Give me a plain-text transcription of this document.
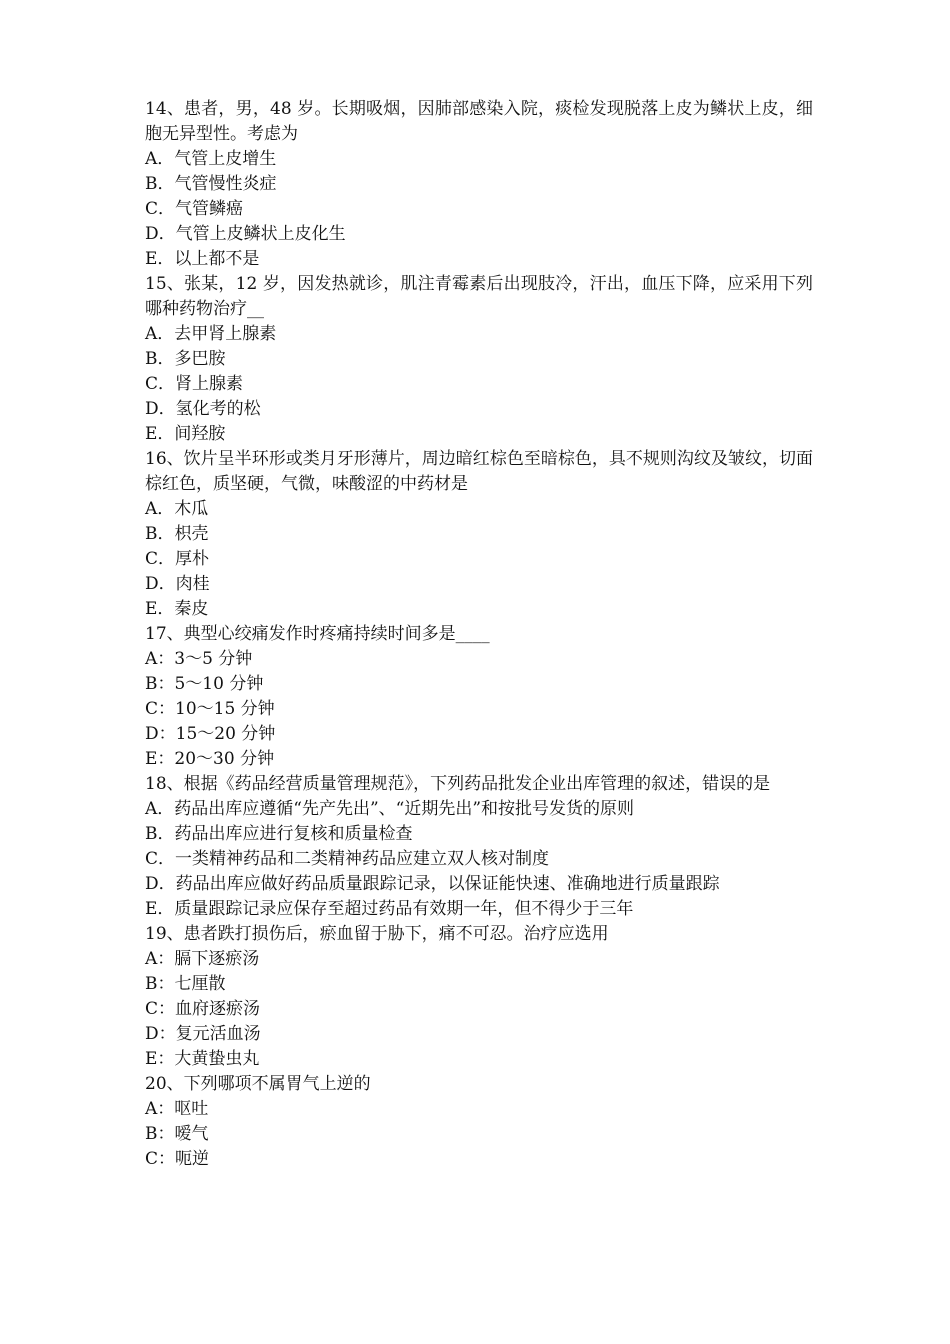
14、患者，男，48 岁。长期吸烟，因肺部感染入院，痰检发现脱落上皮为鳞状上皮，细胞无异型性。考虑为

A．气管上皮增生
B．气管慢性炎症
C．气管鳞癌
D．气管上皮鳞状上皮化生
E．以上都不是

15、张某，12 岁，因发热就诊，肌注青霉素后出现肢冷，汗出，血压下降，应采用下列哪种药物治疗__

A．去甲肾上腺素
B．多巴胺
C．肾上腺素
D．氢化考的松
E．间羟胺

16、饮片呈半环形或类月牙形薄片，周边暗红棕色至暗棕色，具不规则沟纹及皱纹，切面棕红色，质坚硬，气微，味酸涩的中药材是

A．木瓜
B．枳壳
C．厚朴
D．肉桂
E．秦皮

17、典型心绞痛发作时疼痛持续时间多是____

A：3～5 分钟
B：5～10 分钟
C：10～15 分钟
D：15～20 分钟
E：20～30 分钟

18、根据《药品经营质量管理规范》，下列药品批发企业出库管理的叙述，错误的是

A．药品出库应遵循“先产先出”、“近期先出”和按批号发货的原则
B．药品出库应进行复核和质量检查
C．一类精神药品和二类精神药品应建立双人核对制度
D．药品出库应做好药品质量跟踪记录，以保证能快速、准确地进行质量跟踪
E．质量跟踪记录应保存至超过药品有效期一年，但不得少于三年

19、患者跌打损伤后，瘀血留于胁下，痛不可忍。治疗应选用

A：膈下逐瘀汤
B：七厘散
C：血府逐瘀汤
D：复元活血汤
E：大黄蛰虫丸

20、下列哪项不属胃气上逆的

A：呕吐
B：嗳气
C：呃逆
